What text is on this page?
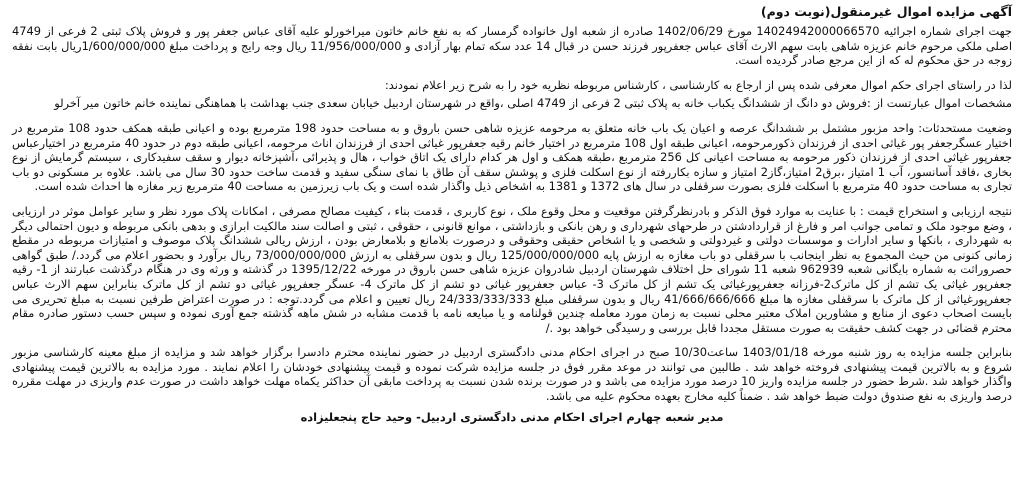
آگهی مزایده اموال غیرمنقول(نوبت دوم)
جهت اجرای شماره اجرائیه 14024942000066570 مورخ 1402/06/29 صادره از شعبه اول خانواده گرمسار که به نفع خانم خاتون میراخورلو علیه آقای عباس جعفر پور و فروش پلاک ثبتی 2 فرعی از 4749 اصلی ملکی مرحوم خانم عزیزه شاهی بابت سهم الارث آقای عباس جعفرپور فرزند حسن در قبال 14 عدد سکه تمام بهار آزادی و 11/956/000/000 ریال وجه رایج و پرداخت مبلغ 1/600/000/000ریال بابت نفقه زوجه در حق محکوم له که از این مرجع صادر گردیده است.
لذا در راستای اجرای حکم اموال معرفی شده پس از ارجاع به کارشناسی ، کارشناس مربوطه نظریه خود را به شرح زیر اعلام نمودند:
مشخصات اموال عبارتست از :فروش دو دانگ از ششدانگ یکباب خانه به پلاک ثبتی 2 فرعی از 4749 اصلی ،واقع در شهرستان اردبیل خیابان سعدی جنب بهداشت با هماهنگی نماینده خانم خاتون میر آخرلو
وضعیت مستحدثات: واحد مزبور مشتمل بر ششدانگ عرصه و اعیان یک باب خانه متعلق به مرحومه عزیزه شاهی حسن باروق و به مساحت حدود 198 مترمربع بوده و اعیانی طبقه همکف حدود 108 مترمربع در اختیار عسگرجعفر پور غیاثی احدی از فرزندان ذکورمرحومه، اعیانی طبقه اول 108 مترمربع در اختیار خانم رقیه جعفرپور غیاثی احدی از فرزندان اناث مرحومه، اعیانی طبقه دوم در حدود 40 مترمربع در اختیارعباس جعفرپور غیاثی احدی از فرزندان ذکور مرحومه به مساحت اعیانی کل 256 مترمربع ،طبقه همکف و اول هر کدام دارای یک اتاق خواب ، هال و پذیرائی ،آشپزخانه دیوار و سقف سفیدکاری ، سیستم گرمایش از نوع بخاری ،فاقد آسانسور، آب 1 امتیاز ،برق2 امتیاز،گاز2 امتیاز و سازه بکاررفته از نوع اسکلت فلزی و پوشش سقف آن طاق با نمای سنگی سفید و قدمت ساخت حدود 30 سال می باشد. علاوه بر مسکونی دو باب تجاری به مساحت حدود 40 مترمربع با اسکلت فلزی بصورت سرقفلی در سال های 1372 و 1381 به اشخاص ذیل واگذار شده است و یک باب زیرزمین به مساحت 40 مترمربع زیر مغازه ها احداث شده است.
نتیجه ارزیابی و استخراج قیمت : با عنایت به موارد فوق الذکر و بادرنظرگرفتن موقعیت و محل وقوع ملک ، نوع کاربری ، قدمت بناء ، کیفیت مصالح مصرفی ، امکانات پلاک مورد نظر و سایر عوامل موثر در ارزیابی ، وضع موجود ملک و تمامی جوانب امر و فارغ از قراردادشتن در طرحهای شهرداری و رهن بانکی و بازداشتی ، موانع قانونی ، حقوقی ، ثبتی و اصالت سند مالکیت ابرازی و بدهی بانکی مربوطه و دیون احتمالی دیگر به شهرداری ، بانکها و سایر ادارات و موسسات دولتی و غیردولتی و شخصی و یا اشخاص حقیقی وحقوقی و درصورت بلامانع و بلامعارض بودن ، ارزش ریالی ششدانگ پلاک موصوف و امتیازات مربوطه در مقطع زمانی کنونی من حیث المجموع به نظر اینجانب با سرقفلی دو باب مغازه به ارزش پایه 125/000/000/000 ریال و بدون سرقفلی به ارزش 73/000/000/000 ریال برآورد و بحضور اعلام می گردد./ طبق گواهی حصروراثت به شماره بایگانی شعبه 962939 شعبه 11 شورای حل اختلاف شهرستان اردبیل شادروان عزیزه شاهی حسن باروق در مورخه 1395/12/22 در گذشته و ورثه وی در هنگام درگذشت عبارتند از 1- رقیه جعفرپور غیاثی یک تشم از کل ماترک2-فرزانه جعفرپورغیاثی یک تشم از کل ماترک 3- عباس جعفرپور غیاثی دو تشم از کل ماترک 4- عسگر جعفرپور غیاثی دو تشم از کل ماترک بنابراین سهم الارث عباس جعفرپورغیاثی از کل ماترک با سرقفلی مغازه ها مبلغ 41/666/666/666 ریال و بدون سرقفلی مبلغ 24/333/333/333 ریال تعیین و اعلام می گردد.توجه : در صورت اعتراض طرفین نسبت به مبلغ تحریری می بایست اصحاب دعوی از منابع و مشاورین املاک معتبر محلی نسبت به زمان مورد معامله چندین قولنامه و یا مبایعه نامه با قدمت مشابه در شش ماهه گذشته جمع آوری نموده و سپس حسب دستور صادره مقام محترم قضائی در جهت کشف حقیقت به صورت مستقل مجددا قابل بررسی و رسیدگی خواهد بود ./
بنابراین جلسه مزایده به روز شنبه مورخه 1403/01/18 ساعت10/30 صبح در اجرای احکام مدنی دادگستری اردبیل در حضور نماینده محترم دادسرا برگزار خواهد شد و مزایده از مبلغ معینه کارشناسی مزبور شروع و به بالاترین قیمت پیشنهادی فروخته خواهد شد . طالبین می توانند در موعد مقرر فوق در جلسه مزایده شرکت نموده و قیمت پیشنهادی خودشان را اعلام نمایند . مورد مزایده به بالاترین قیمت پیشنهادی واگذار خواهد شد .شرط حضور در جلسه مزایده واریز 10 درصد مورد مزایده می باشد و در صورت برنده شدن نسبت به پرداخت مابقی آن حداکثر یکماه مهلت خواهد داشت در صورت عدم واریزی در مهلت مقرره درصد واریزی به نفع صندوق دولت ضبط خواهد شد . ضمناً کلیه مخارج بعهده محکوم علیه می باشد.
مدیر شعبه چهارم اجرای احکام مدنی دادگستری اردبیل- وحید حاج پنجعلیزاده
